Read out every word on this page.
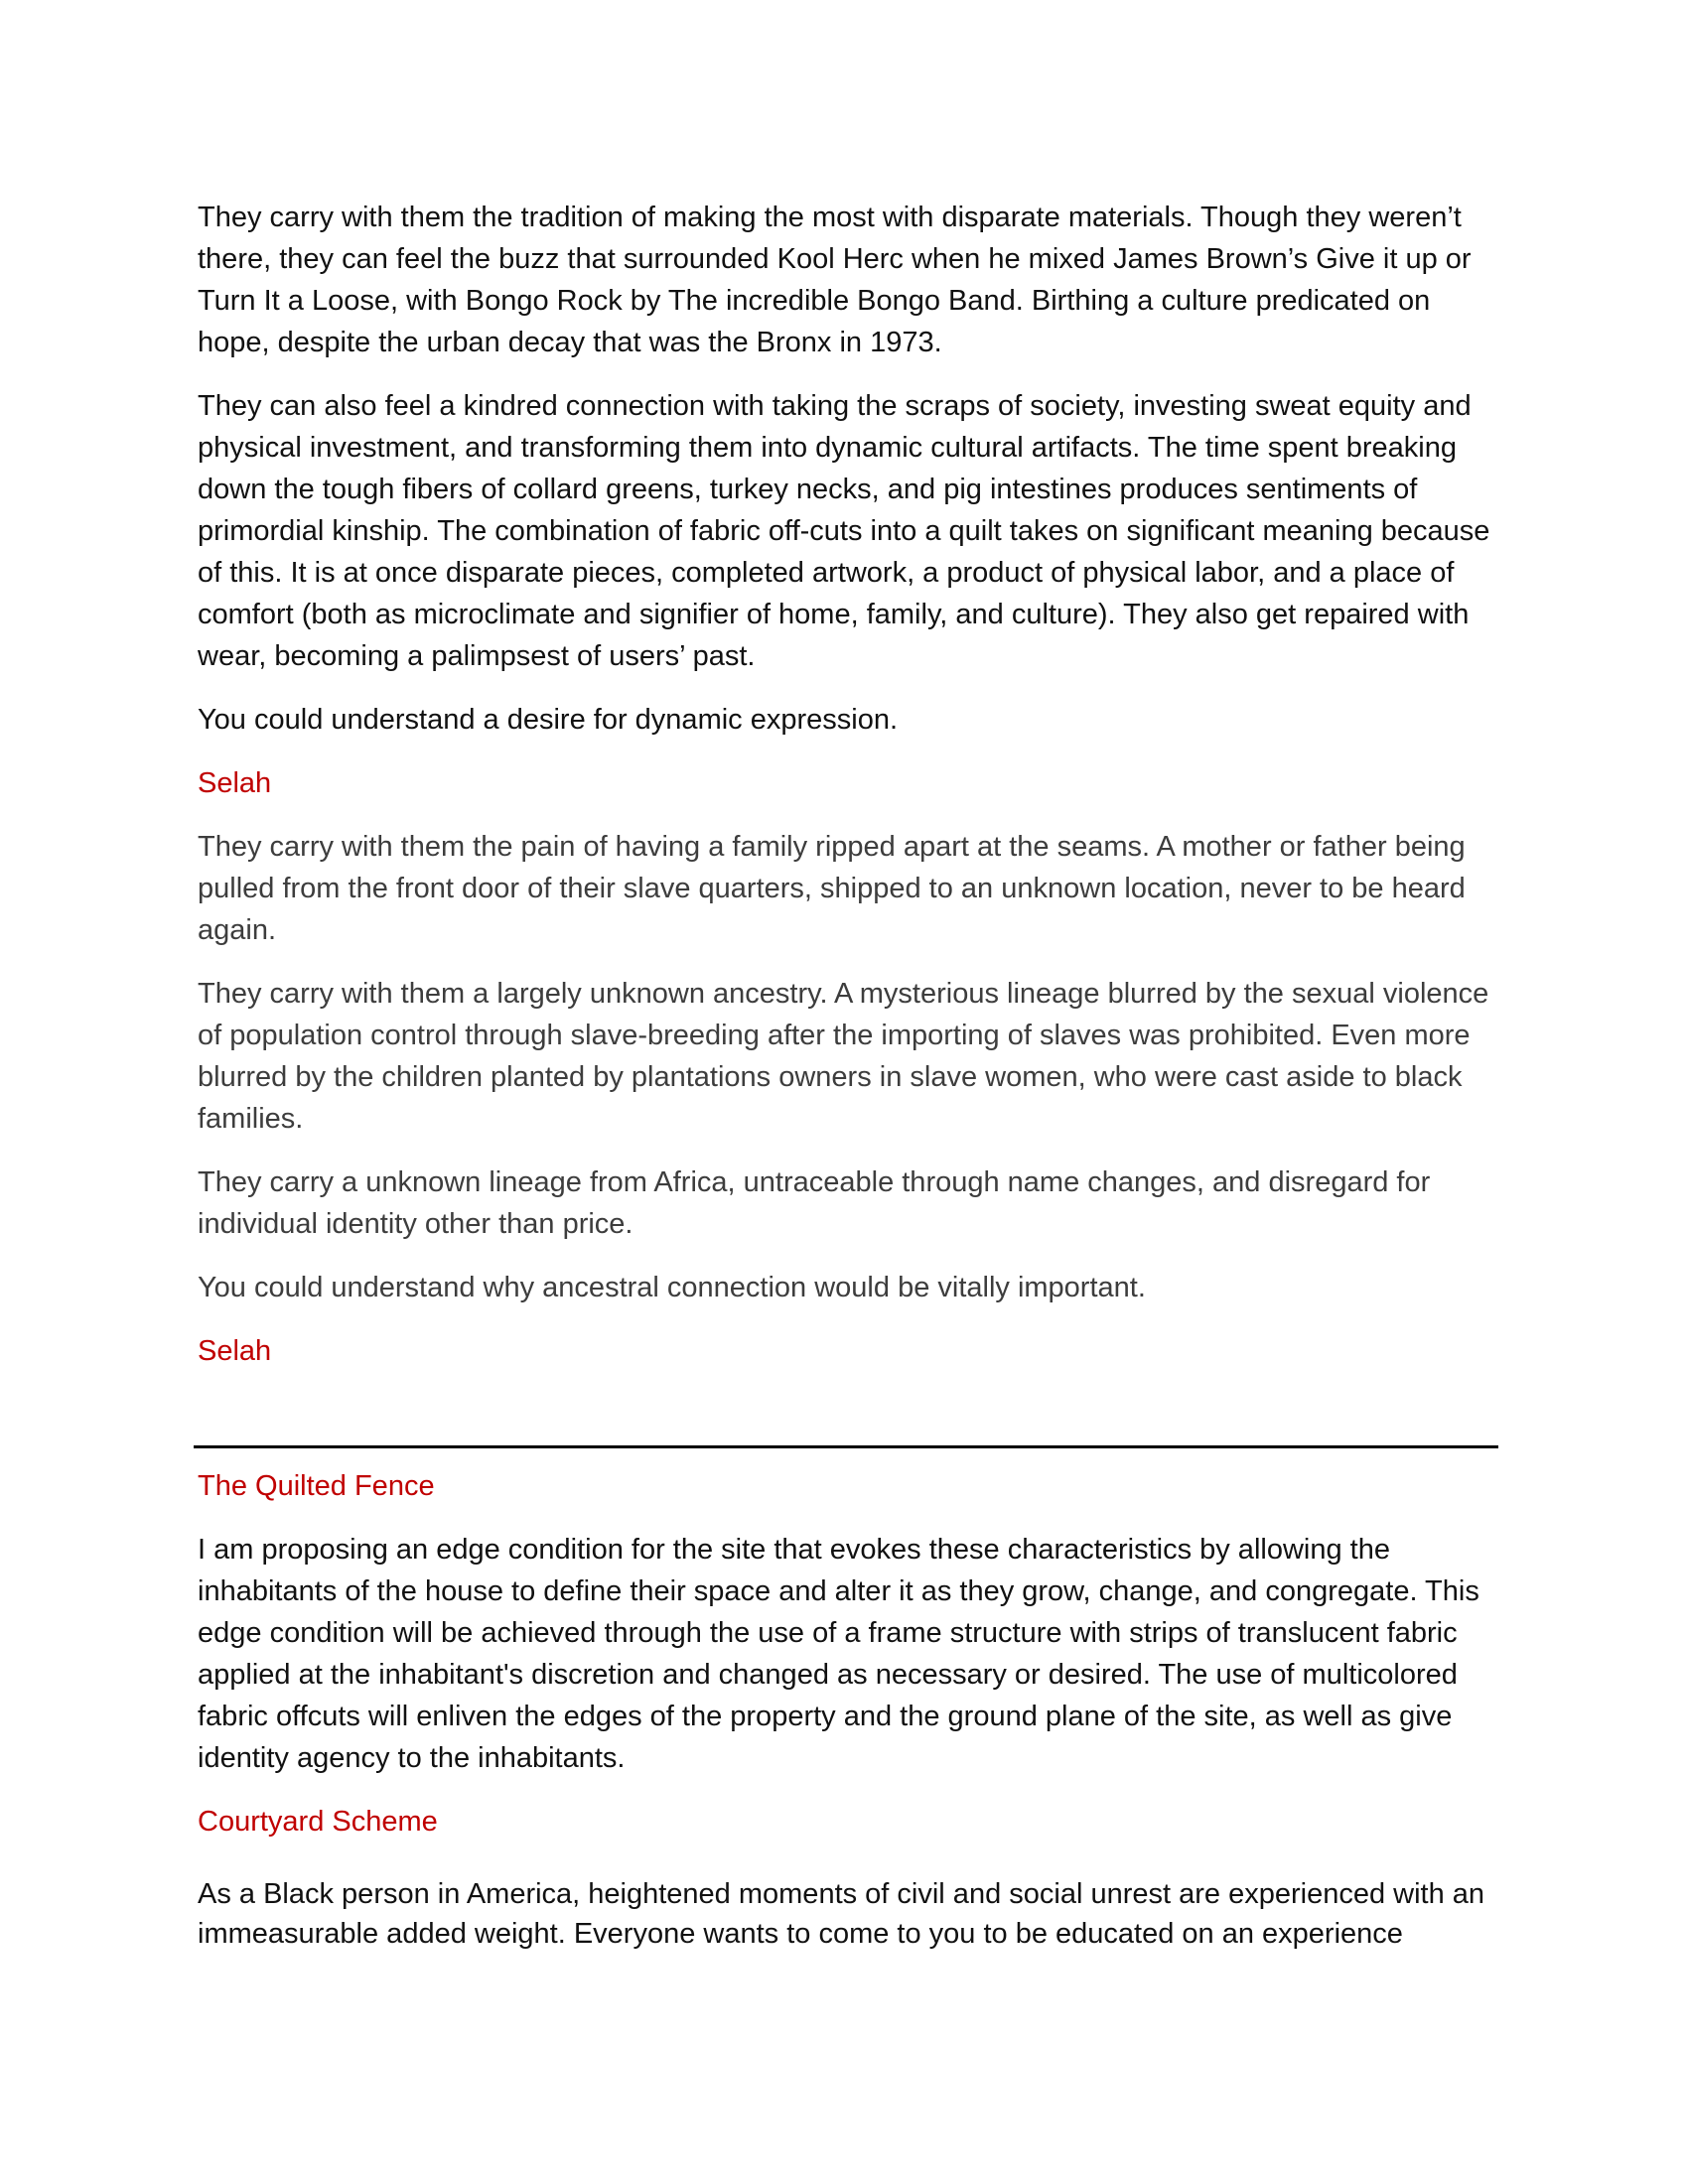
They carry with them the tradition of making the most with disparate materials. Though they weren’t there, they can feel the buzz that surrounded Kool Herc when he mixed James Brown’s Give it up or Turn It a Loose, with Bongo Rock by The incredible Bongo Band. Birthing a culture predicated on hope, despite the urban decay that was the Bronx in 1973.

They can also feel a kindred connection with taking the scraps of society, investing sweat equity and physical investment, and transforming them into dynamic cultural artifacts. The time spent breaking down the tough fibers of collard greens, turkey necks, and pig intestines produces sentiments of primordial kinship. The combination of fabric off-cuts into a quilt takes on significant meaning because of this. It is at once disparate pieces, completed artwork, a product of physical labor, and a place of comfort (both as microclimate and signifier of home, family, and culture). They also get repaired with wear, becoming a palimpsest of users’ past.

You could understand a desire for dynamic expression.

Selah

They carry with them the pain of having a family ripped apart at the seams. A mother or father being pulled from the front door of their slave quarters, shipped to an unknown location, never to be heard again.

They carry with them a largely unknown ancestry. A mysterious lineage blurred by the sexual violence of population control through slave-breeding after the importing of slaves was prohibited. Even more blurred by the children planted by plantations owners in slave women, who were cast aside to black families.

They carry a unknown lineage from Africa, untraceable through name changes, and disregard for individual identity other than price.

You could understand why ancestral connection would be vitally important.

Selah

The Quilted Fence

I am proposing an edge condition for the site that evokes these characteristics by allowing the inhabitants of the house to define their space and alter it as they grow, change, and congregate. This edge condition will be achieved through the use of a frame structure with strips of translucent fabric applied at the inhabitant's discretion and changed as necessary or desired. The use of multicolored fabric offcuts will enliven the edges of the property and the ground plane of the site, as well as give identity agency to the inhabitants.

Courtyard Scheme

As a Black person in America, heightened moments of civil and social unrest are experienced with an immeasurable added weight. Everyone wants to come to you to be educated on an experience
